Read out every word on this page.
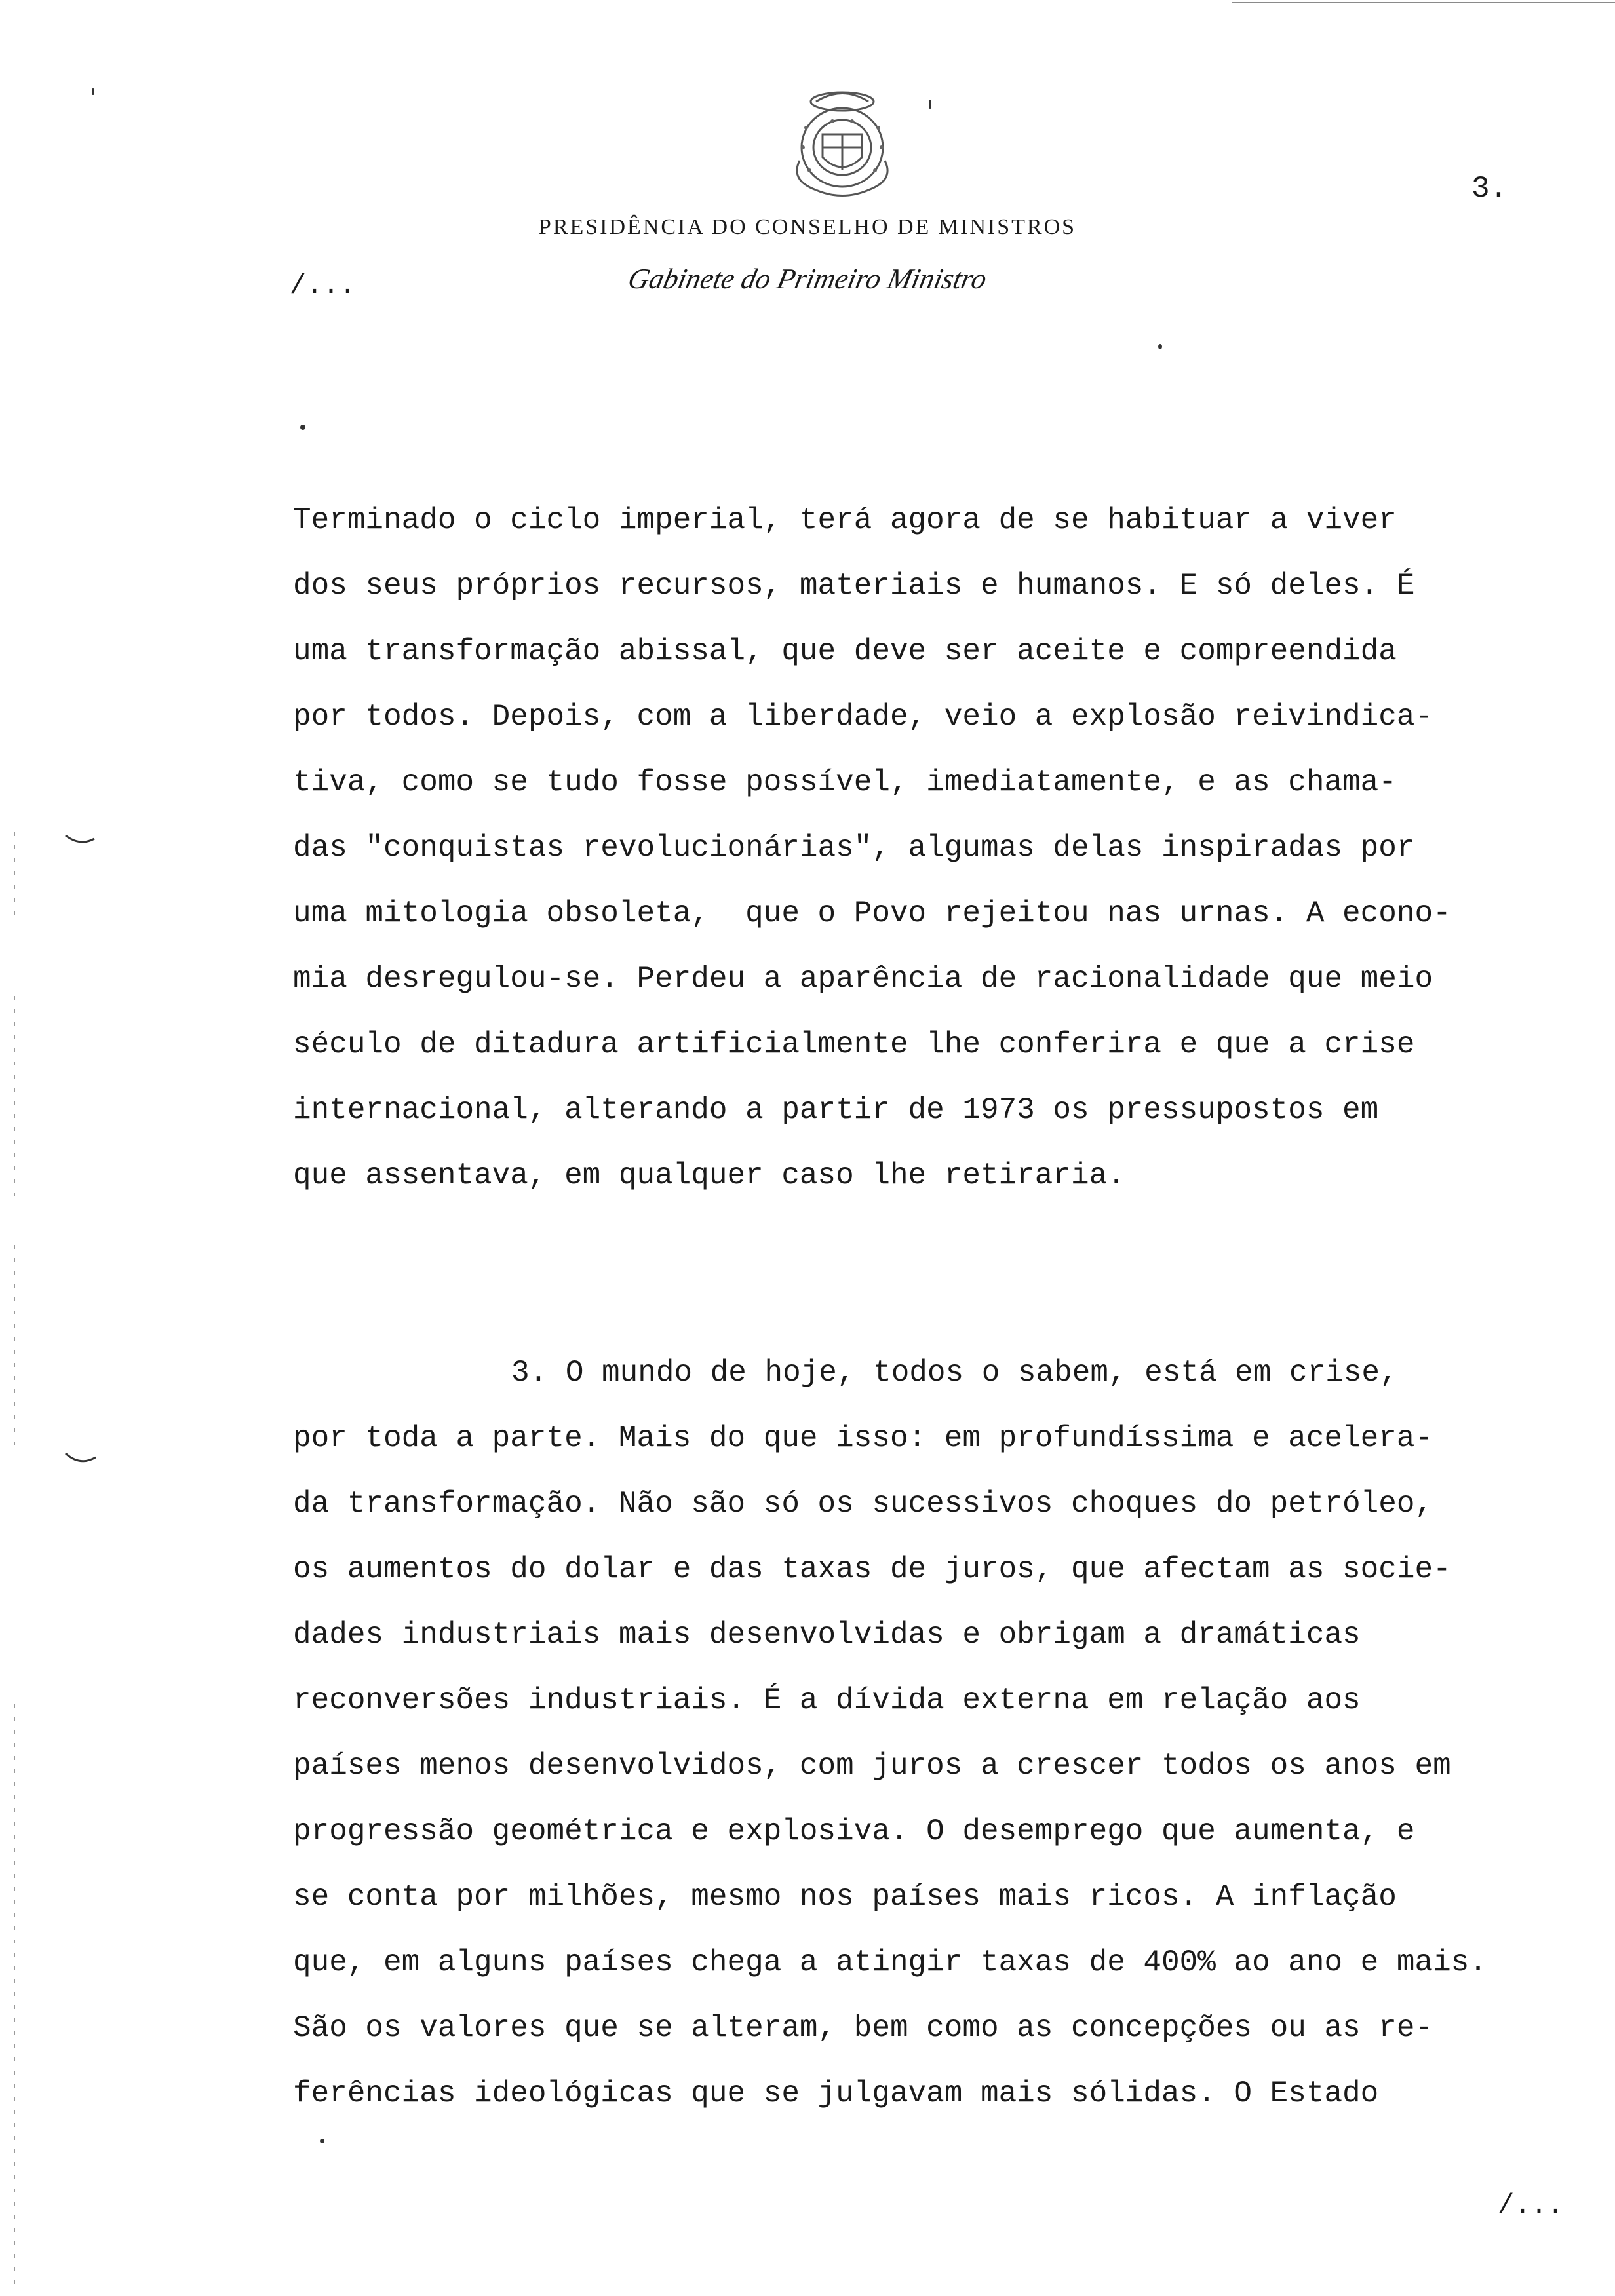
3.
PRESIDÊNCIA DO CONSELHO DE MINISTROS
Gabinete do Primeiro Ministro
/...
Terminado o ciclo imperial, terá agora de se habituar a viver
dos seus próprios recursos, materiais e humanos. E só deles. É
uma transformação abissal, que deve ser aceite e compreendida
por todos. Depois, com a liberdade, veio a explosão reivindica-
tiva, como se tudo fosse possível, imediatamente, e as chama-
das "conquistas revolucionárias", algumas delas inspiradas por
uma mitologia obsoleta,  que o Povo rejeitou nas urnas. A econo-
mia desregulou-se. Perdeu a aparência de racionalidade que meio
século de ditadura artificialmente lhe conferira e que a crise
internacional, alterando a partir de 1973 os pressupostos em
que assentava, em qualquer caso lhe retiraria.
3. O mundo de hoje, todos o sabem, está em crise,
por toda a parte. Mais do que isso: em profundíssima e acelera-
da transformação. Não são só os sucessivos choques do petróleo,
os aumentos do dolar e das taxas de juros, que afectam as socie-
dades industriais mais desenvolvidas e obrigam a dramáticas
reconversões industriais. É a dívida externa em relação aos
países menos desenvolvidos, com juros a crescer todos os anos em
progressão geométrica e explosiva. O desemprego que aumenta, e
se conta por milhões, mesmo nos países mais ricos. A inflação
que, em alguns países chega a atingir taxas de 400% ao ano e mais.
São os valores que se alteram, bem como as concepções ou as re-
ferências ideológicas que se julgavam mais sólidas. O Estado
/...
